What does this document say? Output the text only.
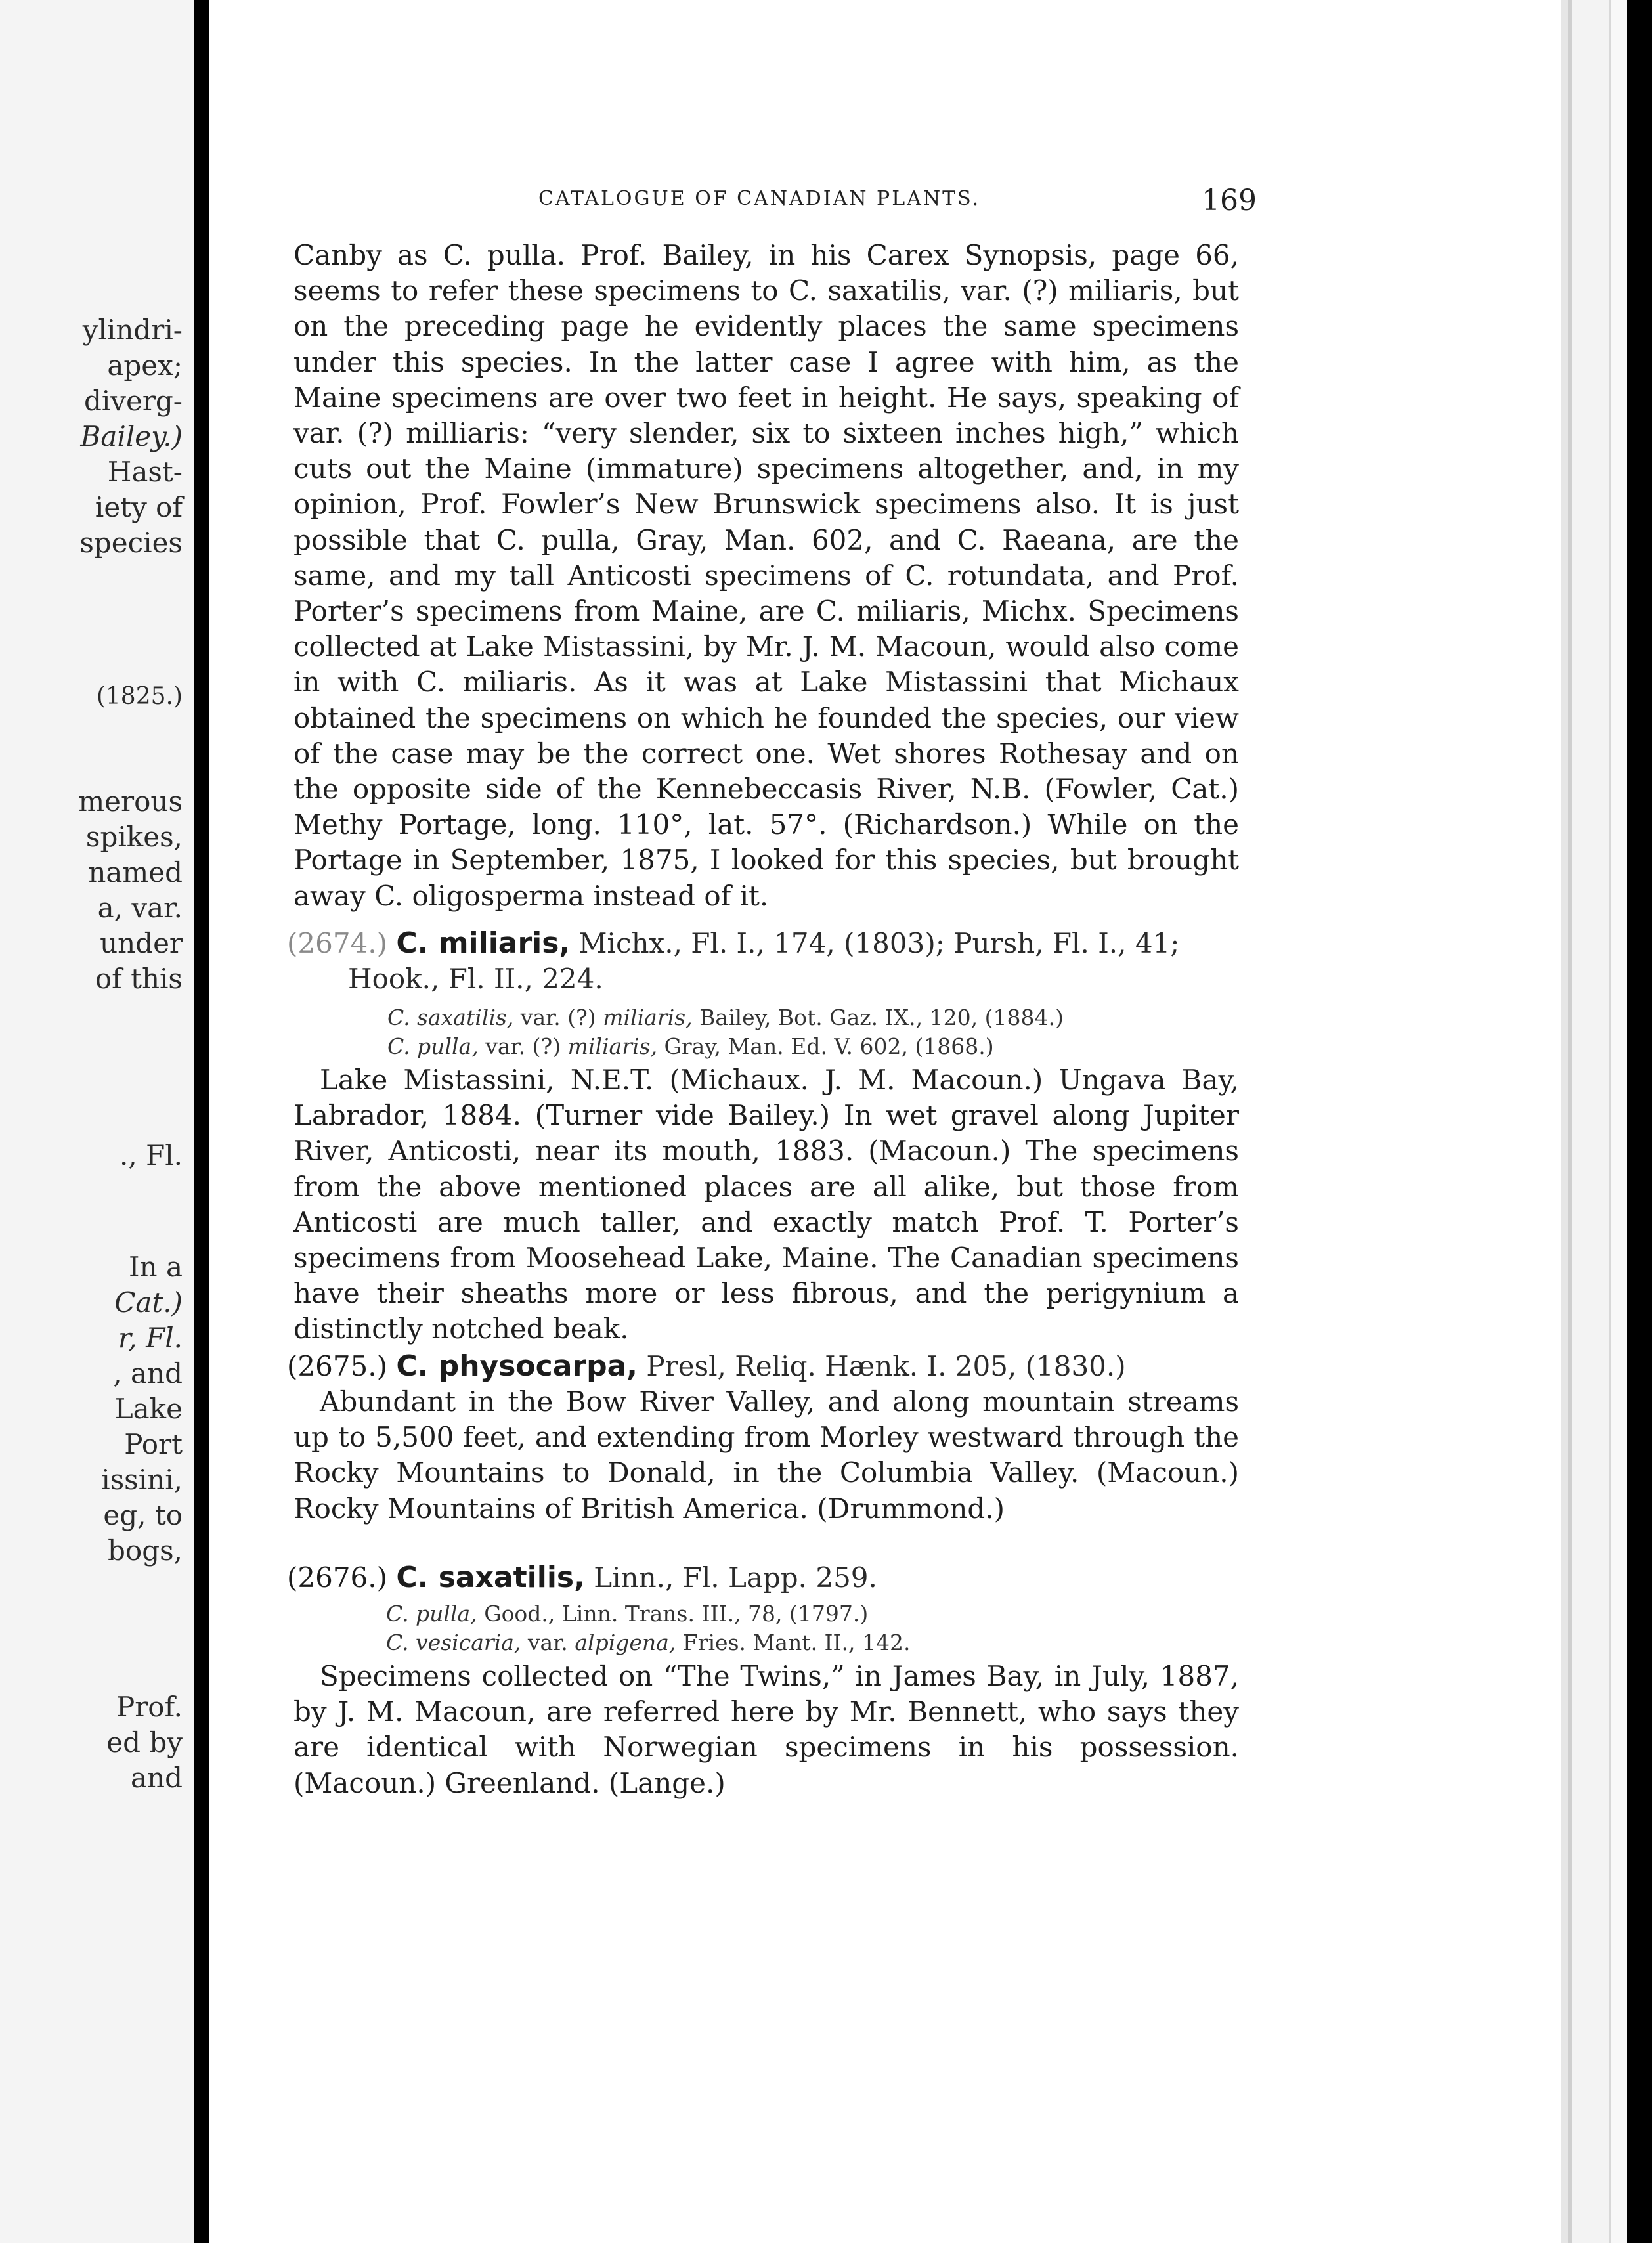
ylindri-
apex;
diverg-
Bailey.)
Hast-
iety of
species
(1825.)
merous
spikes,
named
a, var.
under
of this
., Fl.
In a
Cat.)
r, Fl.
, and
Lake
Port
issini,
eg, to
bogs,
Prof.
ed by
and
CATALOGUE OF CANADIAN PLANTS.	169
Canby as C. pulla. Prof. Bailey, in his Carex Synopsis, page 66, seems to refer these specimens to C. saxatilis, var. (?) miliaris, but on the preceding page he evidently places the same specimens under this species. In the latter case I agree with him, as the Maine specimens are over two feet in height. He says, speaking of var. (?) milliaris: “very slender, six to sixteen inches high,” which cuts out the Maine (immature) specimens altogether, and, in my opinion, Prof. Fowler’s New Brunswick specimens also. It is just possible that C. pulla, Gray, Man. 602, and C. Raeana, are the same, and my tall Anticosti specimens of C. rotundata, and Prof. Porter’s specimens from Maine, are C. miliaris, Michx. Specimens collected at Lake Mistassini, by Mr. J. M. Macoun, would also come in with C. miliaris. As it was at Lake Mistassini that Michaux obtained the specimens on which he founded the species, our view of the case may be the correct one. Wet shores Rothesay and on the opposite side of the Kennebeccasis River, N.B. (Fowler, Cat.) Methy Portage, long. 110°, lat. 57°. (Richardson.) While on the Portage in September, 1875, I looked for this species, but brought away C. oligosperma instead of it.
(2674.) C. miliaris, Michx., Fl. I., 174, (1803); Pursh, Fl. I., 41;
Hook., Fl. II., 224.
C. saxatilis, var. (?) miliaris, Bailey, Bot. Gaz. IX., 120, (1884.)
C. pulla, var. (?) miliaris, Gray, Man. Ed. V. 602, (1868.)
Lake Mistassini, N.E.T. (Michaux. J. M. Macoun.) Ungava Bay, Labrador, 1884. (Turner vide Bailey.) In wet gravel along Jupiter River, Anticosti, near its mouth, 1883. (Macoun.) The specimens from the above mentioned places are all alike, but those from Anticosti are much taller, and exactly match Prof. T. Porter’s specimens from Moosehead Lake, Maine. The Canadian specimens have their sheaths more or less fibrous, and the perigynium a distinctly notched beak.
(2675.) C. physocarpa, Presl, Reliq. Hænk. I. 205, (1830.)
Abundant in the Bow River Valley, and along mountain streams up to 5,500 feet, and extending from Morley westward through the Rocky Mountains to Donald, in the Columbia Valley. (Macoun.) Rocky Mountains of British America. (Drummond.)
(2676.) C. saxatilis, Linn., Fl. Lapp. 259.
C. pulla, Good., Linn. Trans. III., 78, (1797.)
C. vesicaria, var. alpigena, Fries. Mant. II., 142.
Specimens collected on “The Twins,” in James Bay, in July, 1887, by J. M. Macoun, are referred here by Mr. Bennett, who says they are identical with Norwegian specimens in his possession. (Macoun.) Greenland. (Lange.)
